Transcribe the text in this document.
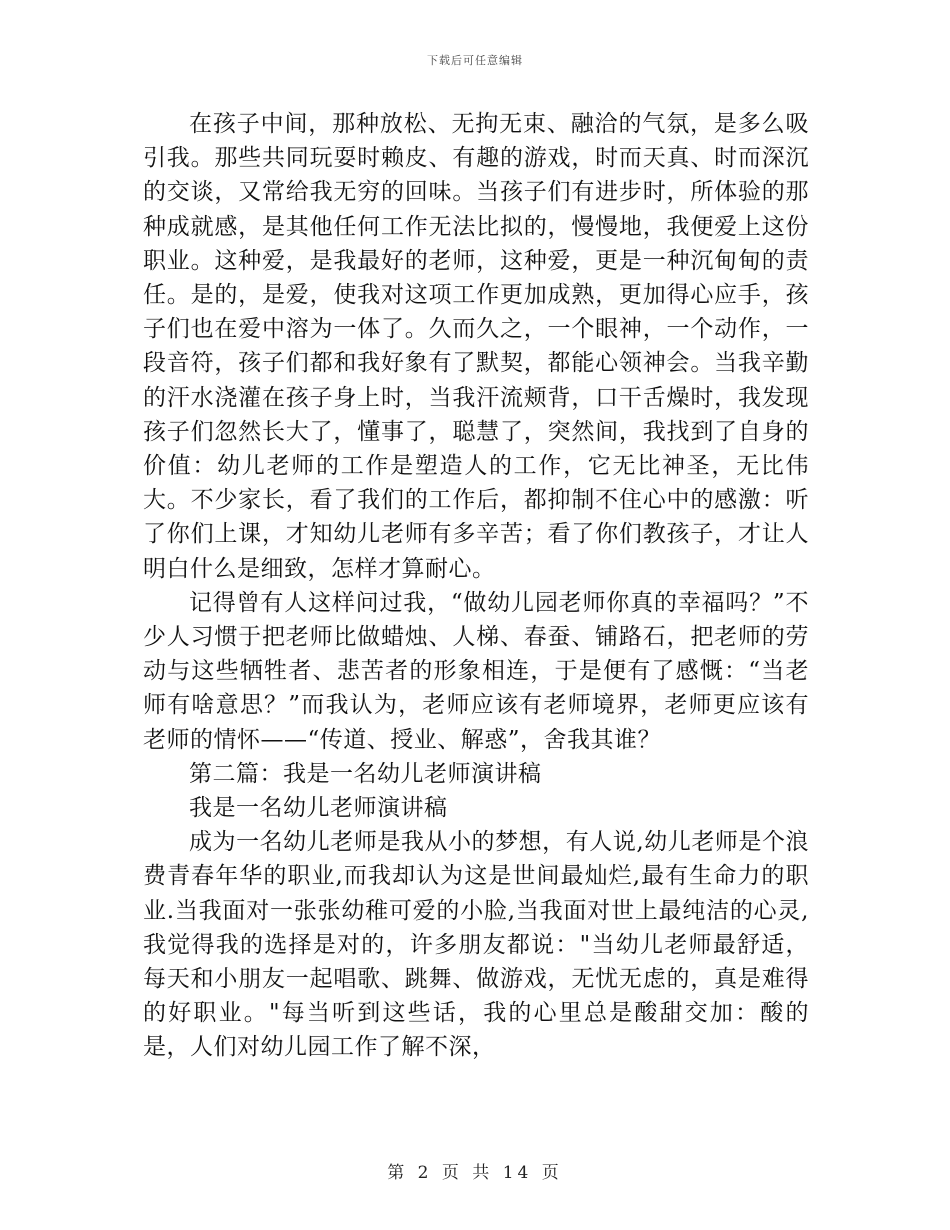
下载后可任意编辑

在孩子中间，那种放松、无拘无束、融洽的气氛，是多么吸引我。那些共同玩耍时赖皮、有趣的游戏，时而天真、时而深沉的交谈，又常给我无穷的回味。当孩子们有进步时，所体验的那种成就感，是其他任何工作无法比拟的，慢慢地，我便爱上这份职业。这种爱，是我最好的老师，这种爱，更是一种沉甸甸的责任。是的，是爱，使我对这项工作更加成熟，更加得心应手，孩子们也在爱中溶为一体了。久而久之，一个眼神，一个动作，一段音符，孩子们都和我好象有了默契，都能心领神会。当我辛勤的汗水浇灌在孩子身上时，当我汗流颊背，口干舌燥时，我发现孩子们忽然长大了，懂事了，聪慧了，突然间，我找到了自身的价值：幼儿老师的工作是塑造人的工作，它无比神圣，无比伟大。不少家长，看了我们的工作后，都抑制不住心中的感激：听了你们上课，才知幼儿老师有多辛苦；看了你们教孩子，才让人明白什么是细致，怎样才算耐心。

记得曾有人这样问过我，“做幼儿园老师你真的幸福吗？”不少人习惯于把老师比做蜡烛、人梯、春蚕、铺路石，把老师的劳动与这些牺牲者、悲苦者的形象相连，于是便有了感慨：“当老师有啥意思？”而我认为，老师应该有老师境界，老师更应该有老师的情怀——“传道、授业、解惑”，舍我其谁？

第二篇：我是一名幼儿老师演讲稿

我是一名幼儿老师演讲稿

成为一名幼儿老师是我从小的梦想，有人说,幼儿老师是个浪费青春年华的职业,而我却认为这是世间最灿烂,最有生命力的职业.当我面对一张张幼稚可爱的小脸,当我面对世上最纯洁的心灵,我觉得我的选择是对的，许多朋友都说："当幼儿老师最舒适，每天和小朋友一起唱歌、跳舞、做游戏，无忧无虑的，真是难得的好职业。"每当听到这些话，我的心里总是酸甜交加：酸的是，人们对幼儿园工作了解不深，

第 2 页 共 14 页
